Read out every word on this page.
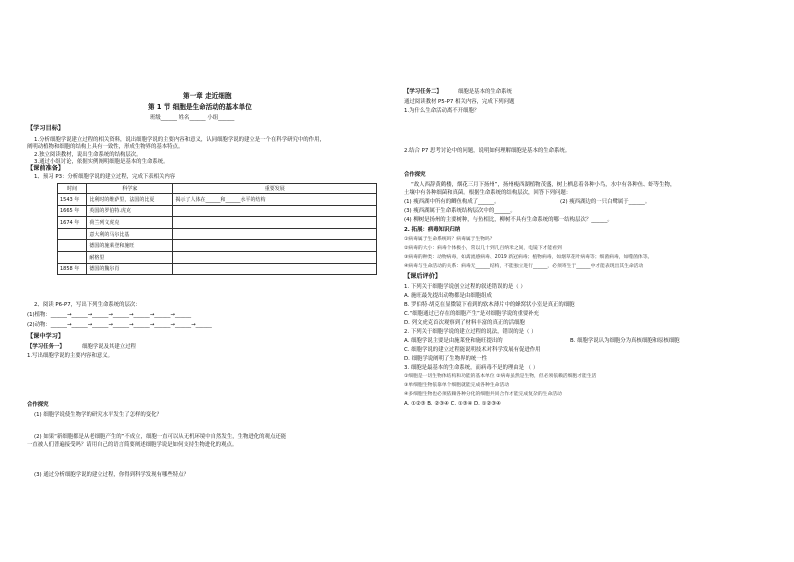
第一章 走近细胞
第 1 节 细胞是生命活动的基本单位
班级______ 姓名______ 小组______
【学习目标】
1.分析细胞学说建立过程的相关资料，说出细胞学说的主要内容和意义，认同细胞学说的建立是一个在科学研究中的作用，
阐明动植物和细胞的结构上具有一致性，形成生物界的基本特点。
2.独立阅读教材，说出生命系统的结构层次。
3.通过小组讨论，依据实例阐明细胞是基本的生命系统。
【课前准备】
1、预习 P3：分析细胞学说的建立过程，完成下表相关内容
时间	科学家	重要发展
1543 年	比利时的维萨里，法国的比夏	揭示了人体在______和______水平的结构
1665 年	英国的罗伯特.虎克	
1674 年	荷兰列文虎克	
	意大利的马尔比基	
	德国的施莱登和施旺	
	耐格里	
1858 年	德国的魏尔肖	
2、阅读 P6-P7，写出下列生命系统的层次：
(1)植物：______→______→______→______→______→______→______
(2)动物：______→______→______→______→______→______→______→______
【课中学习】
【学习任务一】	细胞学说及其建立过程
1.写出细胞学说的主要内容和意义。
合作探究
(1) 细胞学说使生物学的研究水平发生了怎样的变化？
(2) 如果“新细胞都是从老细胞产生的”不成立，细胞一直可以从无机环境中自然发生，生物进化的观点还能
一直被人们普遍接受吗？请用自己的语言简要阐述细胞学说是如何支持生物进化的观点。
(3) 通过分析细胞学说的建立过程，你得到科学发现有哪些特点？
【学习任务二】	细胞是基本的生命系统
通过阅读教材 P5-P7 相关内容，完成下列问题
1.为什么生命活动离不开细胞？
2.结合 P7 思考讨论中的问题，说明如何理解细胞是基本的生命系统。
合作探究
“故人西辞黄鹤楼，烟花三月下扬州”，扬州瘦西湖植物茂盛，树上栖息着各种小鸟，水中有各种鱼、虾等生物，
土壤中有各种细菌和真菌。根据生命系统的结构层次，回答下列问题：
(1) 瘦西湖中所有的鲫鱼构成了______。	(2) 瘦西湖边的一只白鹭属于______。
(3) 瘦西湖属于生命系统结构层次中的______。
(4) 柳树是扬州的主要树种，与鱼相比，柳树不具有生命系统的哪一结构层次？______。
2. 拓展：病毒知识归纳
①病毒属于生命系统吗？病毒属于生物吗？
②病毒的大小：病毒个体极小，常以几十到几百纳米之间，电镜下才能看到
③病毒的种类：动物病毒，如禽流感病毒、2019 新冠病毒；植物病毒，如烟草花叶病毒等；细菌病毒，如噬菌体等。
④病毒与生命活动的关系：病毒无______结构，不能独立进行______，必须寄生于______中才能表现出其生命活动
【课后评价】
1. 下列关于细胞学说创立过程的叙述错误的是（ ）
A. 施旺最先提出动物都是由细胞组成
B. 罗伯特·胡克在显微镜下看到的软木薄片中的蜂窝状小室是真正的细胞
C.“细胞通过已存在的细胞产生”是对细胞学说的重要补充
D. 列文虎克首次观察到了材料丰富的真正的活细胞
2. 下列关于细胞学说的建立过程的说法，错误的是（ ）
A. 细胞学说主要是由施莱登和施旺提出的	B. 细胞学说认为细胞分为真核细胞和原核细胞
C. 细胞学说的建立过程能说明技术对科学发展有促进作用
D. 细胞学说阐明了生物界的统一性
3. 细胞是最基本的生命系统，而病毒不是的理由是 （ ）
①细胞是一切生物体结构和功能的基本单位 ②病毒虽然是生物，但必须依赖活细胞才能生活
③单细胞生物依靠单个细胞就能完成各种生命活动
④多细胞生物也必须依赖各种分化的细胞共同合作才能完成复杂的生命活动
A. ①②③ B. ②③④ C. ①③④ D. ①②③④
